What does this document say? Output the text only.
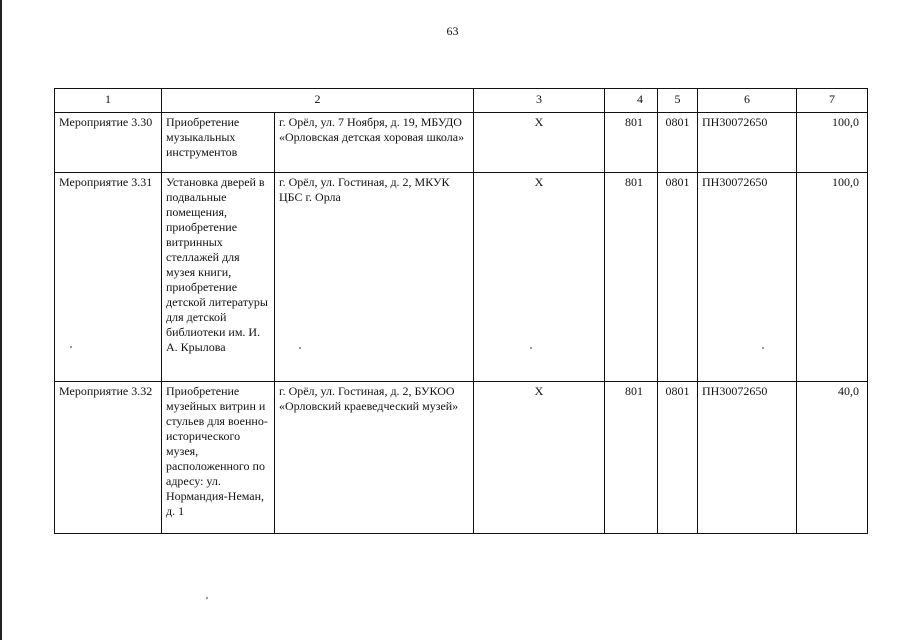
63
1	2		3	4	5	6	7
Мероприятие 3.30	Приобретение музыкальных инструментов	г. Орёл, ул. 7 Ноября, д. 19, МБУДО «Орловская детская хоровая школа»	Х	801	0801	ПН30072650	100,0
Мероприятие 3.31	Установка дверей в подвальные помещения, приобретение витринных стеллажей для музея книги, приобретение детской литературы для детской библиотеки им. И. А. Крылова	г. Орёл, ул. Гостиная, д. 2, МКУК ЦБС г. Орла	Х	801	0801	ПН30072650	100,0
Мероприятие 3.32	Приобретение музейных витрин и стульев для военно-исторического музея, расположенного по адресу: ул. Нормандия-Неман, д. 1	г. Орёл, ул. Гостиная, д. 2, БУКОО «Орловский краеведческий музей»	Х	801	0801	ПН30072650	40,0
